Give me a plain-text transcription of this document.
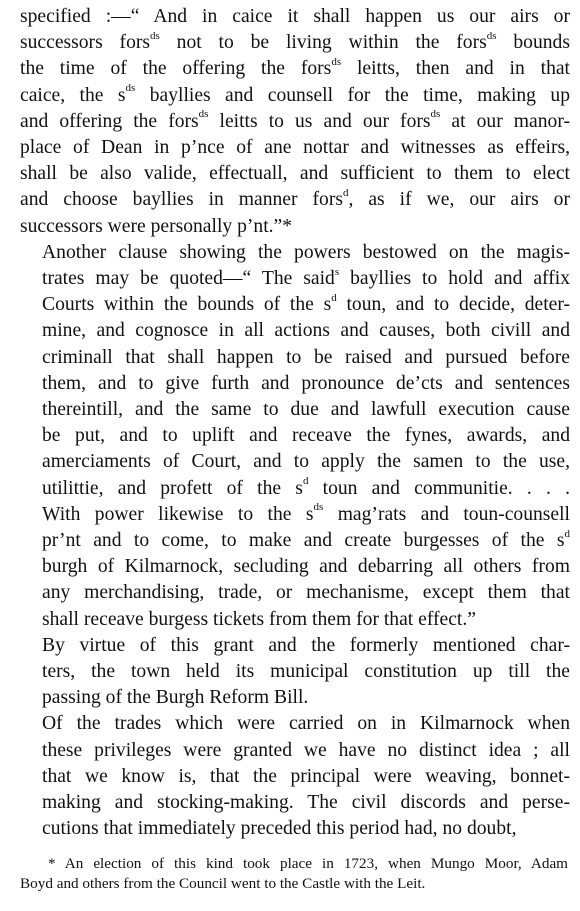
specified :—“ And in caice it shall happen us our airs or
successors fors$^{ds}$ not to be living within the fors$^{ds}$ bounds
the time of the offering the fors$^{ds}$ leitts, then and in that
caice, the $s^{ds}$ bayllies and counsell for the time, making up
and offering the fors$^{ds}$ leitts to us and our fors$^{ds}$ at our manor-
place of Dean in p’nce of ane nottar and witnesses as effeirs,
shall be also valide, effectuall, and sufficient to them to elect
and choose bayllies in manner fors$^d$, as if we, our airs or
successors were personally p’nt.”*

Another clause showing the powers bestowed on the magis-
trates may be quoted—“ The said$^s$ bayllies to hold and affix
Courts within the bounds of the $s^d$ toun, and to decide, deter-
mine, and cognosce in all actions and causes, both civill and
criminall that shall happen to be raised and pursued before
them, and to give furth and pronounce de’cts and sentences
thereintill, and the same to due and lawfull execution cause
be put, and to uplift and receave the fynes, awards, and
amerciaments of Court, and to apply the samen to the use,
utilittie, and profett of the $s^d$ toun and communitie. . . .
With power likewise to the $s^{ds}$ mag’rats and toun-counsell
pr’nt and to come, to make and create burgesses of the $s^d$
burgh of Kilmarnock, secluding and debarring all others from
any merchandising, trade, or mechanisme, except them that
shall receave burgess tickets from them for that effect.”

By virtue of this grant and the formerly mentioned char-
ters, the town held its municipal constitution up till the
passing of the Burgh Reform Bill.

Of the trades which were carried on in Kilmarnock when
these privileges were granted we have no distinct idea ; all
that we know is, that the principal were weaving, bonnet-
making and stocking-making. The civil discords and perse-
cutions that immediately preceded this period had, no doubt,

* An election of this kind took place in 1723, when Mungo Moor, Adam
Boyd and others from the Council went to the Castle with the Leit.
